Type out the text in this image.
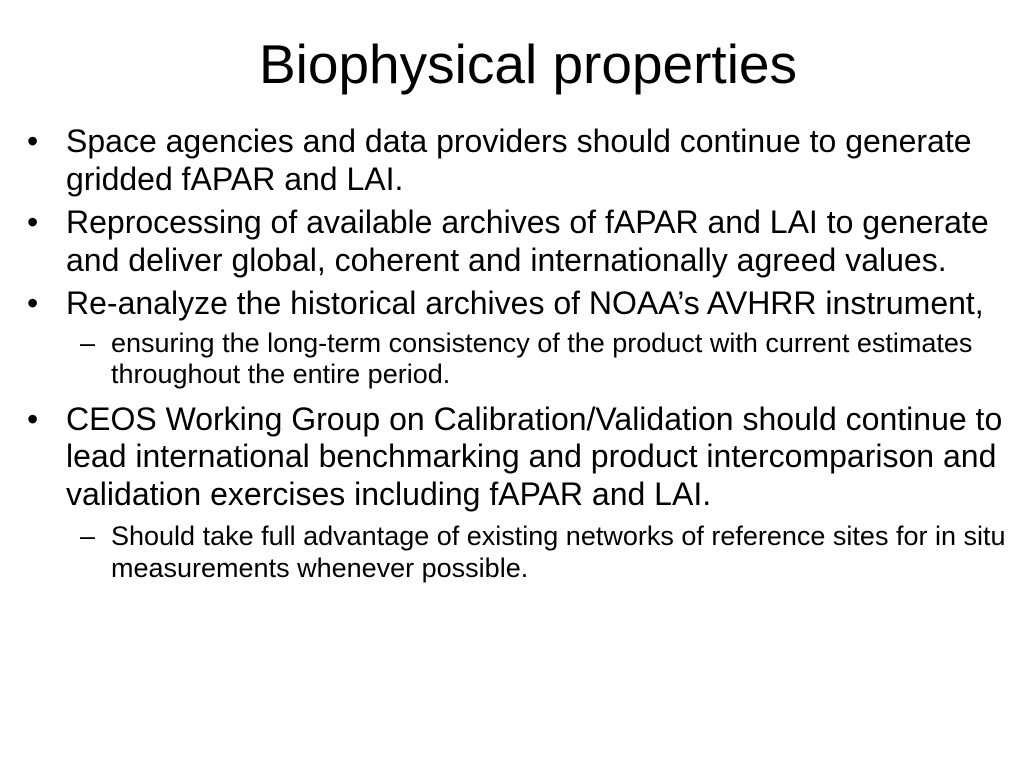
Biophysical properties
• Space agencies and data providers should continue to generate gridded fAPAR and LAI.
• Reprocessing of available archives of fAPAR and LAI to generate and deliver global, coherent and internationally agreed values.
• Re-analyze the historical archives of NOAA’s AVHRR instrument,
– ensuring the long-term consistency of the product with current estimates throughout the entire period.
• CEOS Working Group on Calibration/Validation should continue to lead international benchmarking and product intercomparison and validation exercises including fAPAR and LAI.
– Should take full advantage of existing networks of reference sites for in situ measurements whenever possible.
